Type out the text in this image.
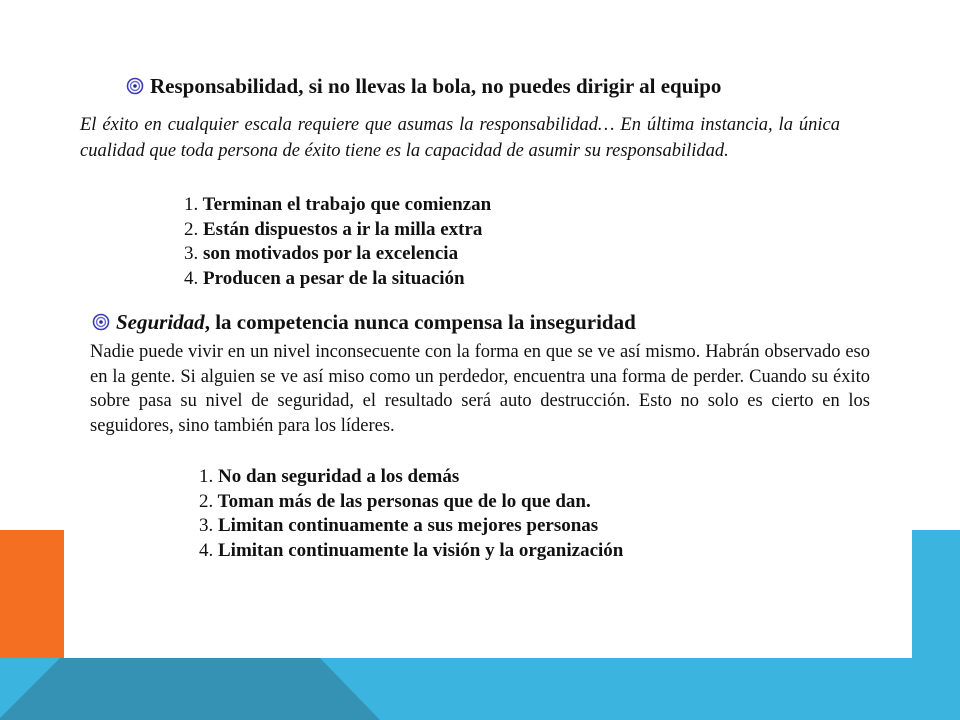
Responsabilidad, si no llevas la bola, no puedes dirigir al equipo
El éxito en cualquier escala requiere que asumas la responsabilidad… En última instancia, la única cualidad que toda persona de éxito tiene es la capacidad de asumir su responsabilidad.
1. Terminan el trabajo que comienzan
2. Están dispuestos a ir la milla extra
3. son motivados por la excelencia
4. Producen a pesar de la situación
Seguridad, la competencia nunca compensa la inseguridad
Nadie puede vivir en un nivel inconsecuente con la forma en que se ve así mismo. Habrán observado eso en la gente. Si alguien se ve así miso como un perdedor, encuentra una forma de perder. Cuando su éxito sobre pasa su nivel de seguridad, el resultado será auto destrucción. Esto no solo es cierto en los seguidores, sino también para los líderes.
1. No dan seguridad a los demás
2. Toman más de las personas que de lo que dan.
3. Limitan continuamente a sus mejores personas
4. Limitan continuamente la visión y la organización
